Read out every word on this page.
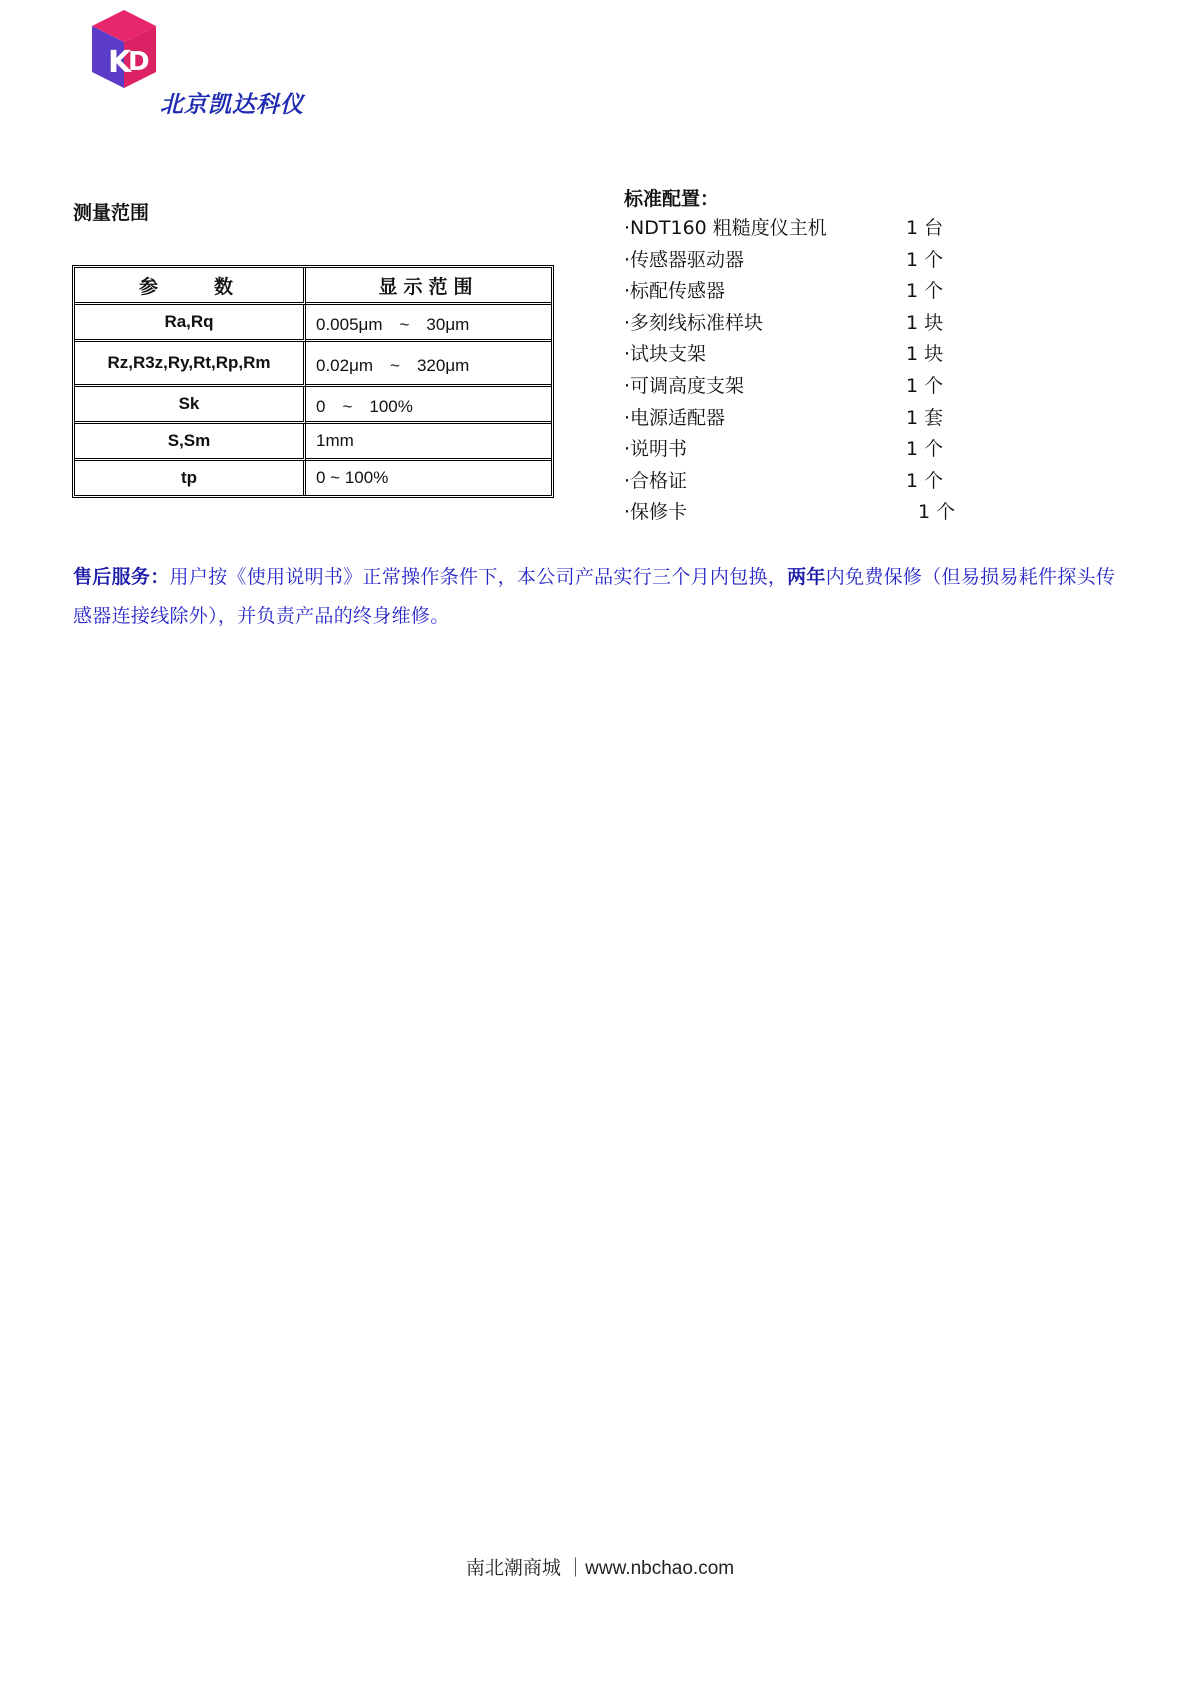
K
D
北京凯达科仪
测量范围
参　　数	显示范围
Ra,Rq	0.005μm　~　30μm
Rz,R3z,Ry,Rt,Rp,Rm	0.02μm　~　320μm
Sk	0　~　100%
S,Sm	1mm
tp	0 ~ 100%
标准配置：
·NDT160 粗糙度仪主机	1 台
·传感器驱动器	1 个
·标配传感器	1 个
·多刻线标准样块	1 块
·试块支架	1 块
·可调高度支架	1 个
·电源适配器	1 套
·说明书	1 个
·合格证	1 个
·保修卡	1 个
售后服务：用户按《使用说明书》正常操作条件下，本公司产品实行三个月内包换，两年内免费保修（但易损易耗件探头传感器连接线除外），并负责产品的终身维修。
南北潮商城 ｜www.nbchao.com
